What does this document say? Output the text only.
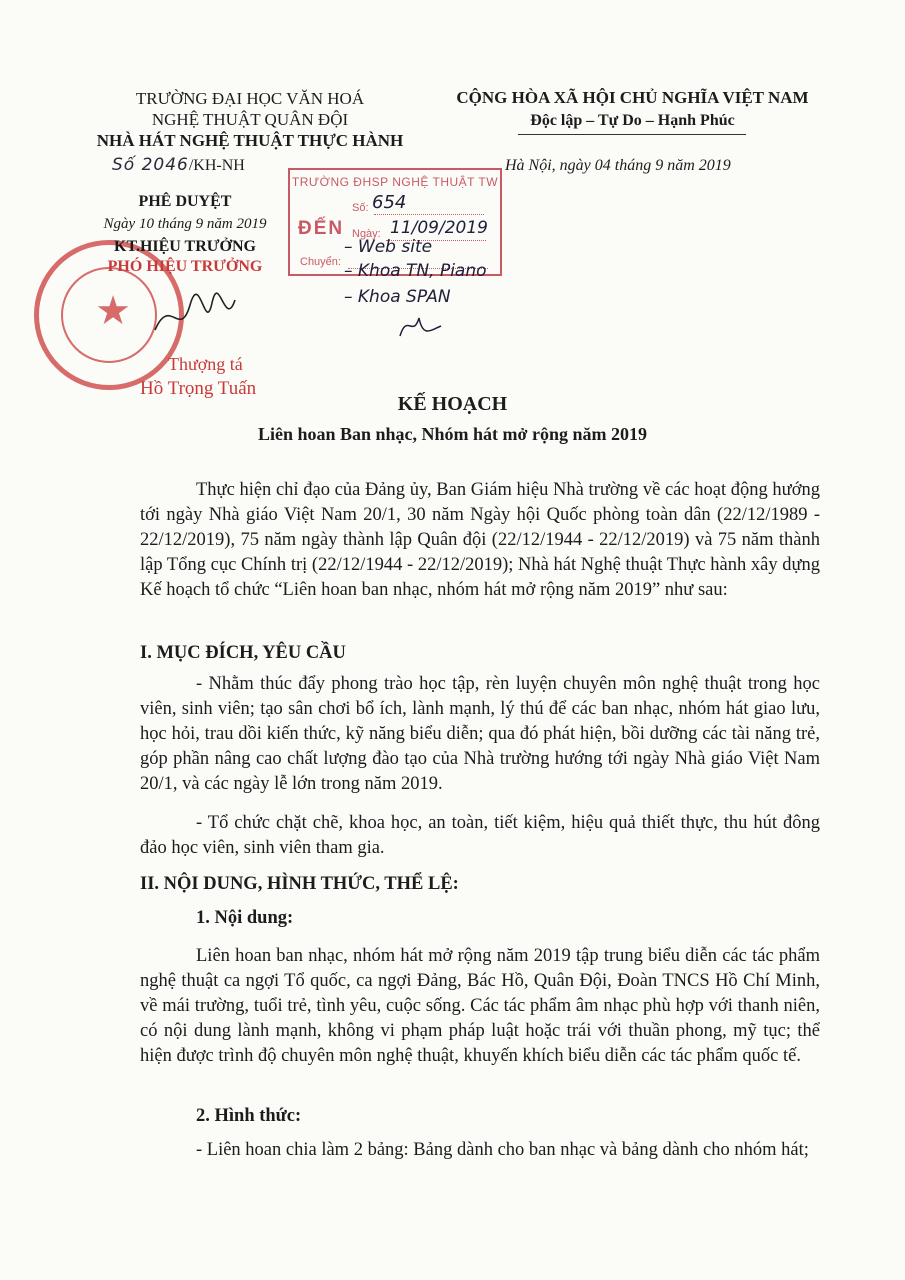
TRƯỜNG ĐẠI HỌC VĂN HOÁ
NGHỆ THUẬT QUÂN ĐỘI
NHÀ HÁT NGHỆ THUẬT THỰC HÀNH
Số 2046/KH-NH
CỘNG HÒA XÃ HỘI CHỦ NGHĨA VIỆT NAM
Độc lập – Tự Do – Hạnh Phúc
Hà Nội, ngày 04 tháng 9 năm 2019
★
PHÊ DUYỆT
Ngày 10 tháng 9 năm 2019
KT.HIỆU TRƯỞNG
PHÓ HIỆU TRƯỞNG
Thượng tá
Hồ Trọng Tuấn
TRƯỜNG ĐHSP NGHỆ THUẬT TW
ĐẾN
Số:
Ngày:
Chuyển:
654
11/09/2019
– Web site
– Khoa TN, Piano
– Khoa SPAN
KẾ HOẠCH
Liên hoan Ban nhạc, Nhóm hát mở rộng năm 2019
Thực hiện chỉ đạo của Đảng ủy, Ban Giám hiệu Nhà trường về các hoạt động hướng tới ngày Nhà giáo Việt Nam 20/1, 30 năm Ngày hội Quốc phòng toàn dân (22/12/1989 - 22/12/2019), 75 năm ngày thành lập Quân đội (22/12/1944 - 22/12/2019) và 75 năm thành lập Tổng cục Chính trị (22/12/1944 - 22/12/2019); Nhà hát Nghệ thuật Thực hành xây dựng Kế hoạch tổ chức “Liên hoan ban nhạc, nhóm hát mở rộng năm 2019” như sau:
I. MỤC ĐÍCH, YÊU CẦU
- Nhằm thúc đẩy phong trào học tập, rèn luyện chuyên môn nghệ thuật trong học viên, sinh viên; tạo sân chơi bổ ích, lành mạnh, lý thú để các ban nhạc, nhóm hát giao lưu, học hỏi, trau dồi kiến thức, kỹ năng biểu diễn; qua đó phát hiện, bồi dưỡng các tài năng trẻ, góp phần nâng cao chất lượng đào tạo của Nhà trường hướng tới ngày Nhà giáo Việt Nam 20/1, và các ngày lễ lớn trong năm 2019.
- Tổ chức chặt chẽ, khoa học, an toàn, tiết kiệm, hiệu quả thiết thực, thu hút đông đảo học viên, sinh viên tham gia.
II. NỘI DUNG, HÌNH THỨC, THỂ LỆ:
1. Nội dung:
Liên hoan ban nhạc, nhóm hát mở rộng năm 2019 tập trung biểu diễn các tác phẩm nghệ thuật ca ngợi Tổ quốc, ca ngợi Đảng, Bác Hồ, Quân Đội, Đoàn TNCS Hồ Chí Minh, về mái trường, tuổi trẻ, tình yêu, cuộc sống. Các tác phẩm âm nhạc phù hợp với thanh niên, có nội dung lành mạnh, không vi phạm pháp luật hoặc trái với thuần phong, mỹ tục; thể hiện được trình độ chuyên môn nghệ thuật, khuyến khích biểu diễn các tác phẩm quốc tế.
2. Hình thức:
- Liên hoan chia làm 2 bảng: Bảng dành cho ban nhạc và bảng dành cho nhóm hát;
